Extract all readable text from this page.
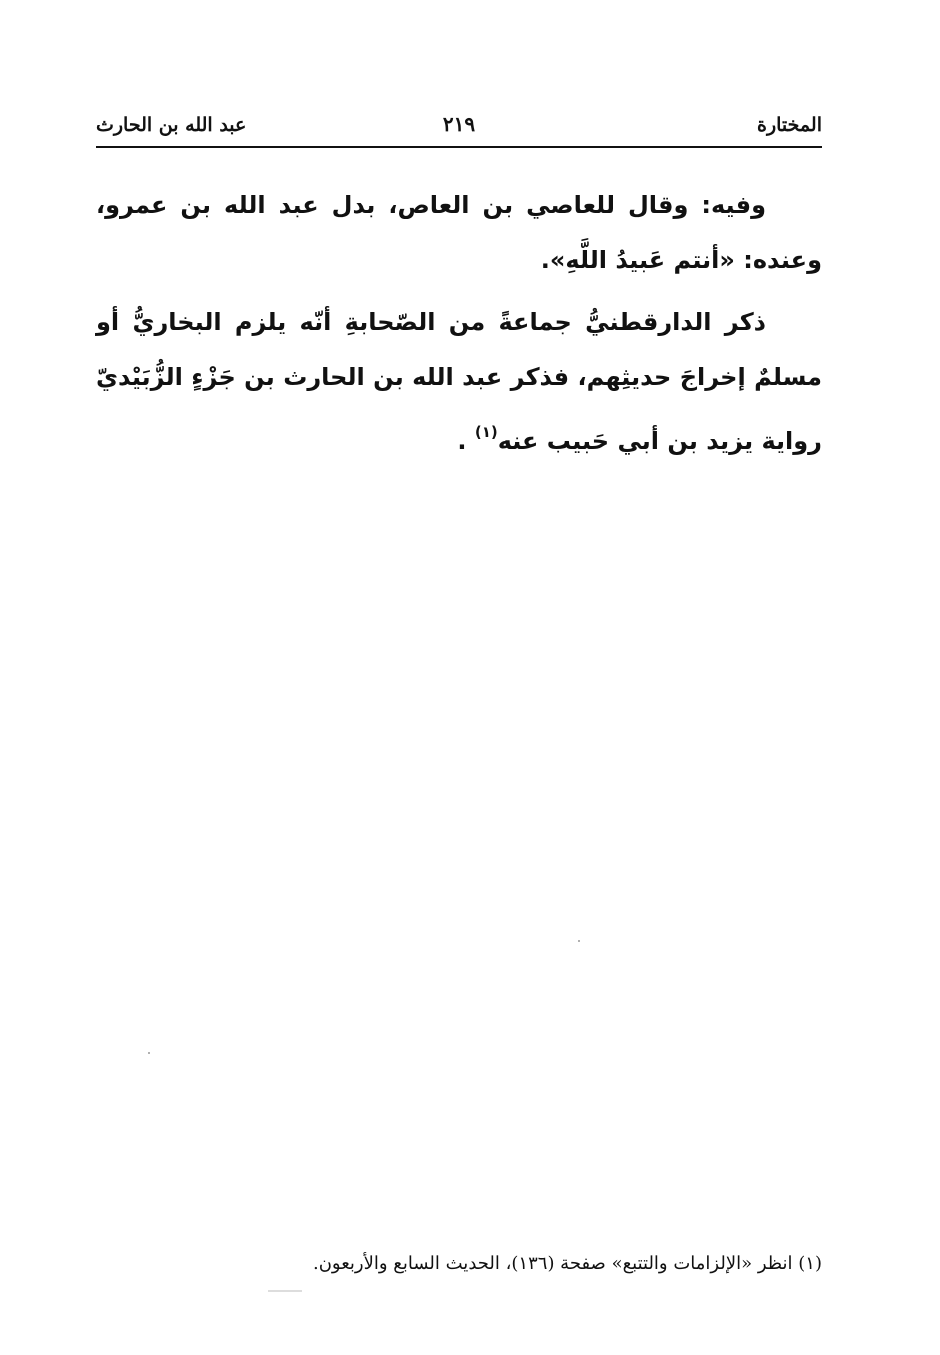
المختارة
٢١٩
عبد الله بن الحارث

وفيه: وقال للعاصي بن العاص، بدل عبد الله بن عمرو، وعنده: «أنتم عَبيدُ اللَّهِ».

ذكر الدارقطنيُّ جماعةً من الصّحابةِ أنّه يلزم البخاريُّ أو مسلمٌ إخراجَ حديثِهم، فذكر عبد الله بن الحارث بن جَزْءٍ الزُّبَيْديّ رواية يزيد بن أبي حَبيب عنه$^{(١)}$ .

(١) انظر «الإلزامات والتتبع» صفحة (١٣٦)، الحديث السابع والأربعون.
